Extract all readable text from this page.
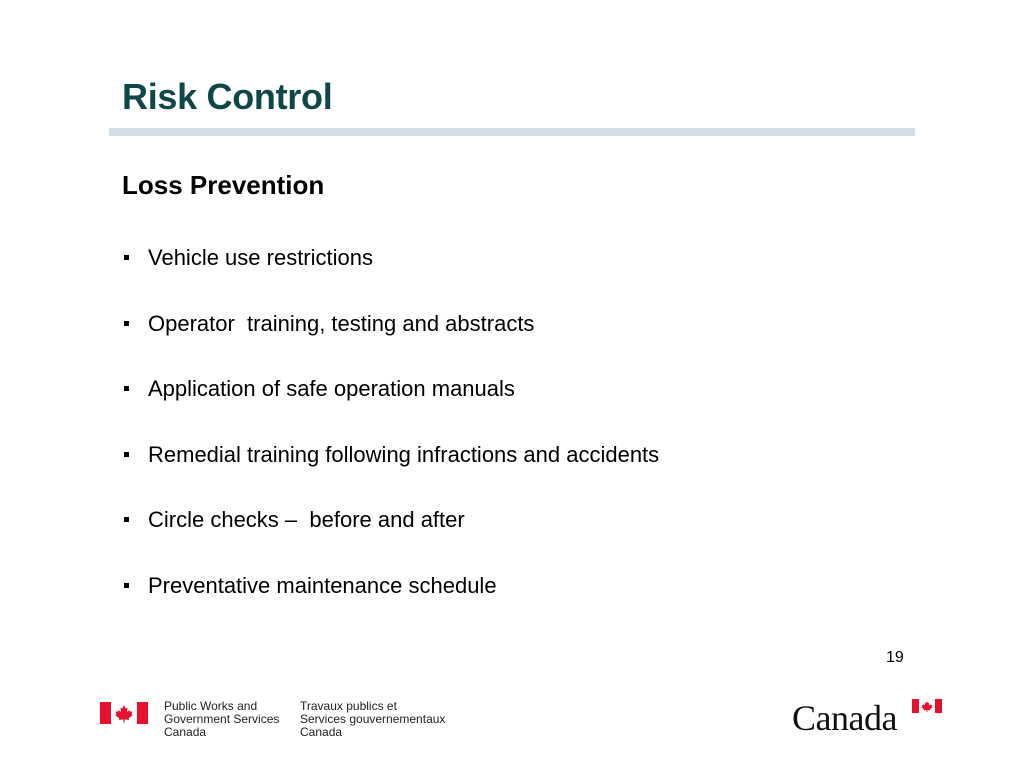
Risk Control
Loss Prevention

Vehicle use restrictions

Operator  training, testing and abstracts

Application of safe operation manuals

Remedial training following infractions and accidents

Circle checks –  before and after

Preventative maintenance schedule

19
Public Works and
Government Services
Canada
Travaux publics et
Services gouvernementaux
Canada	Canada
